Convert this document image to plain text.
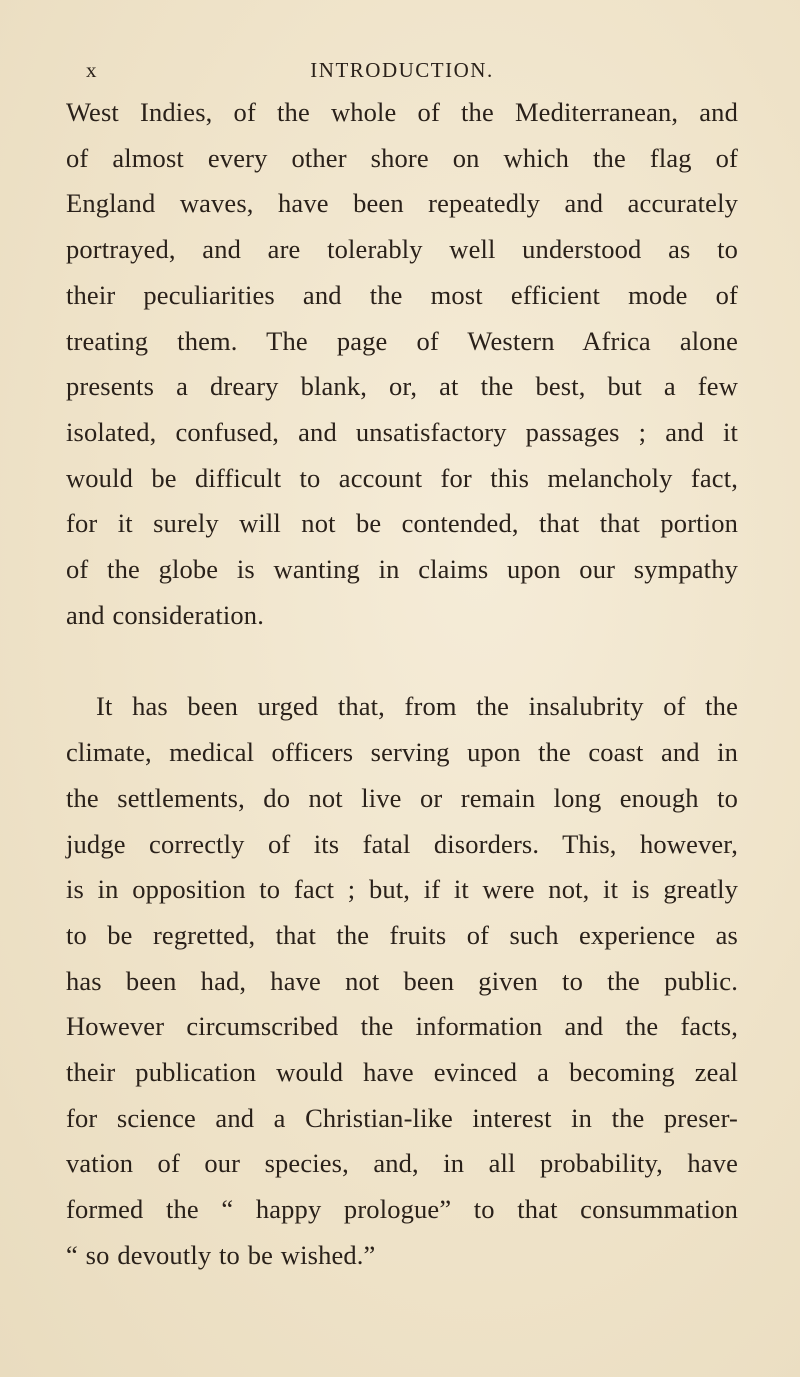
x	INTRODUCTION.

West Indies, of the whole of the Mediterranean, and
of almost every other shore on which the flag of
England waves, have been repeatedly and accurately
portrayed, and are tolerably well understood as to
their peculiarities and the most efficient mode of
treating them. The page of Western Africa alone
presents a dreary blank, or, at the best, but a few
isolated, confused, and unsatisfactory passages ; and it
would be difficult to account for this melancholy fact,
for it surely will not be contended, that that portion
of the globe is wanting in claims upon our sympathy
and consideration.

It has been urged that, from the insalubrity of the
climate, medical officers serving upon the coast and in
the settlements, do not live or remain long enough to
judge correctly of its fatal disorders. This, however,
is in opposition to fact ; but, if it were not, it is greatly
to be regretted, that the fruits of such experience as
has been had, have not been given to the public.
However circumscribed the information and the facts,
their publication would have evinced a becoming zeal
for science and a Christian-like interest in the preser-
vation of our species, and, in all probability, have
formed the “ happy prologue” to that consummation
“ so devoutly to be wished.”
